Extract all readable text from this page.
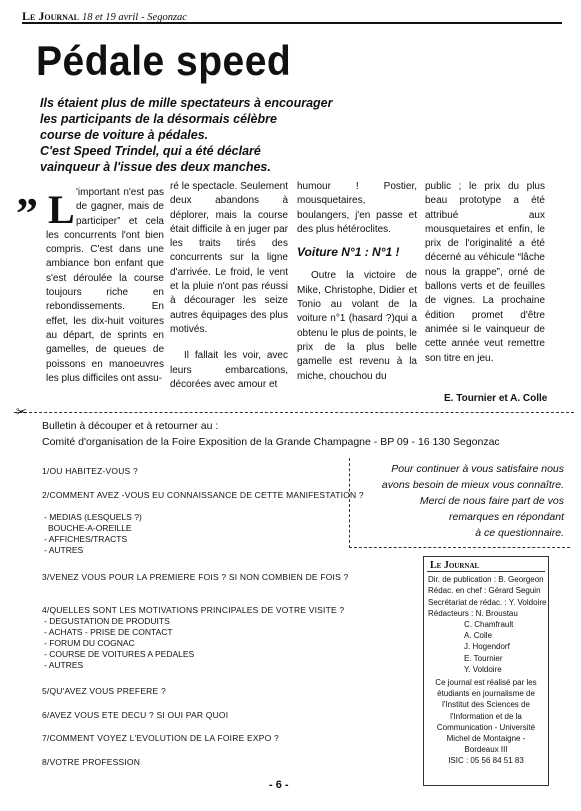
Le Journal 18 et 19 avril - Segonzac
Pédale speed
Ils étaient plus de mille spectateurs à encourager
les participants de la désormais célèbre
course de voiture à pédales.
C'est Speed Trindel, qui a été déclaré
vainqueur à l'issue des deux manches.
” L 'important n'est pas de gagner, mais de participer” et cela les concurrents l'ont bien compris. C'est dans une ambiance bon enfant que s'est déroulée la course toujours riche en rebondissements. En effet, les dix-huit voitures au départ, de sprints en gamelles, de queues de poissons en manoeuvres les plus difficiles ont assu-

ré le spectacle. Seulement deux abandons à déplorer, mais la course était difficile à en juger par les traits tirés des concurrents sur la ligne d'arrivée. Le froid, le vent et la pluie n'ont pas réussi à décourager les seize autres équipages des plus motivés.

Il fallait les voir, avec leurs embarcations, décorées avec amour et

humour ! Postier, mousquetaires, boulangers, j'en passe et des plus hétéroclites.

Voiture N°1 : N°1 !

Outre la victoire de Mike, Christophe, Didier et Tonio au volant de la voiture n°1 (hasard ?)qui a obtenu le plus de points, le prix de la plus belle gamelle est revenu à la miche, chouchou du

public ; le prix du plus beau prototype a été attribué aux mousquetaires et enfin, le prix de l'originalité a été décerné au véhicule “lâche nous la grappe”, orné de ballons verts et de feuilles de vignes. La prochaine édition promet d'être animée si le vainqueur de cette année veut remettre son titre en jeu.

E. Tournier et A. Colle
✂
Bulletin à découper et à retourner au :
Comité d'organisation de la Foire Exposition de la Grande Champagne - BP 09 - 16 130 Segonzac
1/OU HABITEZ-VOUS ?
2/COMMENT AVEZ -VOUS EU CONNAISSANCE DE CETTE MANIFESTATION ?
- MEDIAS (LESQUELS ?)
BOUCHE-A-OREILLE
- AFFICHES/TRACTS
- AUTRES
3/VENEZ VOUS POUR LA PREMIERE FOIS ? SI NON COMBIEN DE FOIS ?
4/QUELLES SONT LES MOTIVATIONS PRINCIPALES DE VOTRE VISITE ?
- DEGUSTATION DE PRODUITS
- ACHATS - PRISE DE CONTACT
- FORUM DU COGNAC
- COURSE DE VOITURES A PEDALES
- AUTRES
5/QU'AVEZ VOUS PREFERE ?
6/AVEZ VOUS ETE DECU ? SI OUI PAR QUOI
7/COMMENT VOYEZ L'EVOLUTION DE LA FOIRE EXPO ?
8/VOTRE PROFESSION
Pour continuer à vous satisfaire nous
avons besoin de mieux vous connaître.
Merci de nous faire part de vos
remarques en répondant
à ce questionnaire.
Le Journal
Dir. de publication : B. Georgeon
Rédac. en chef : Gérard Seguin
Secrétariat de rédac. : Y. Voldoire
Rédacteurs : N. Broustau
C. Chamfrault
A. Colle
J. Hogendorf
E. Tournier
Y. Voldoire
Ce journal est réalisé par les
étudiants en journalisme de
l'Institut des Sciences de
l'Information et de la
Communication - Université
Michel de Montaigne -
Bordeaux III
ISIC : 05 56 84 51 83
- 6 -
